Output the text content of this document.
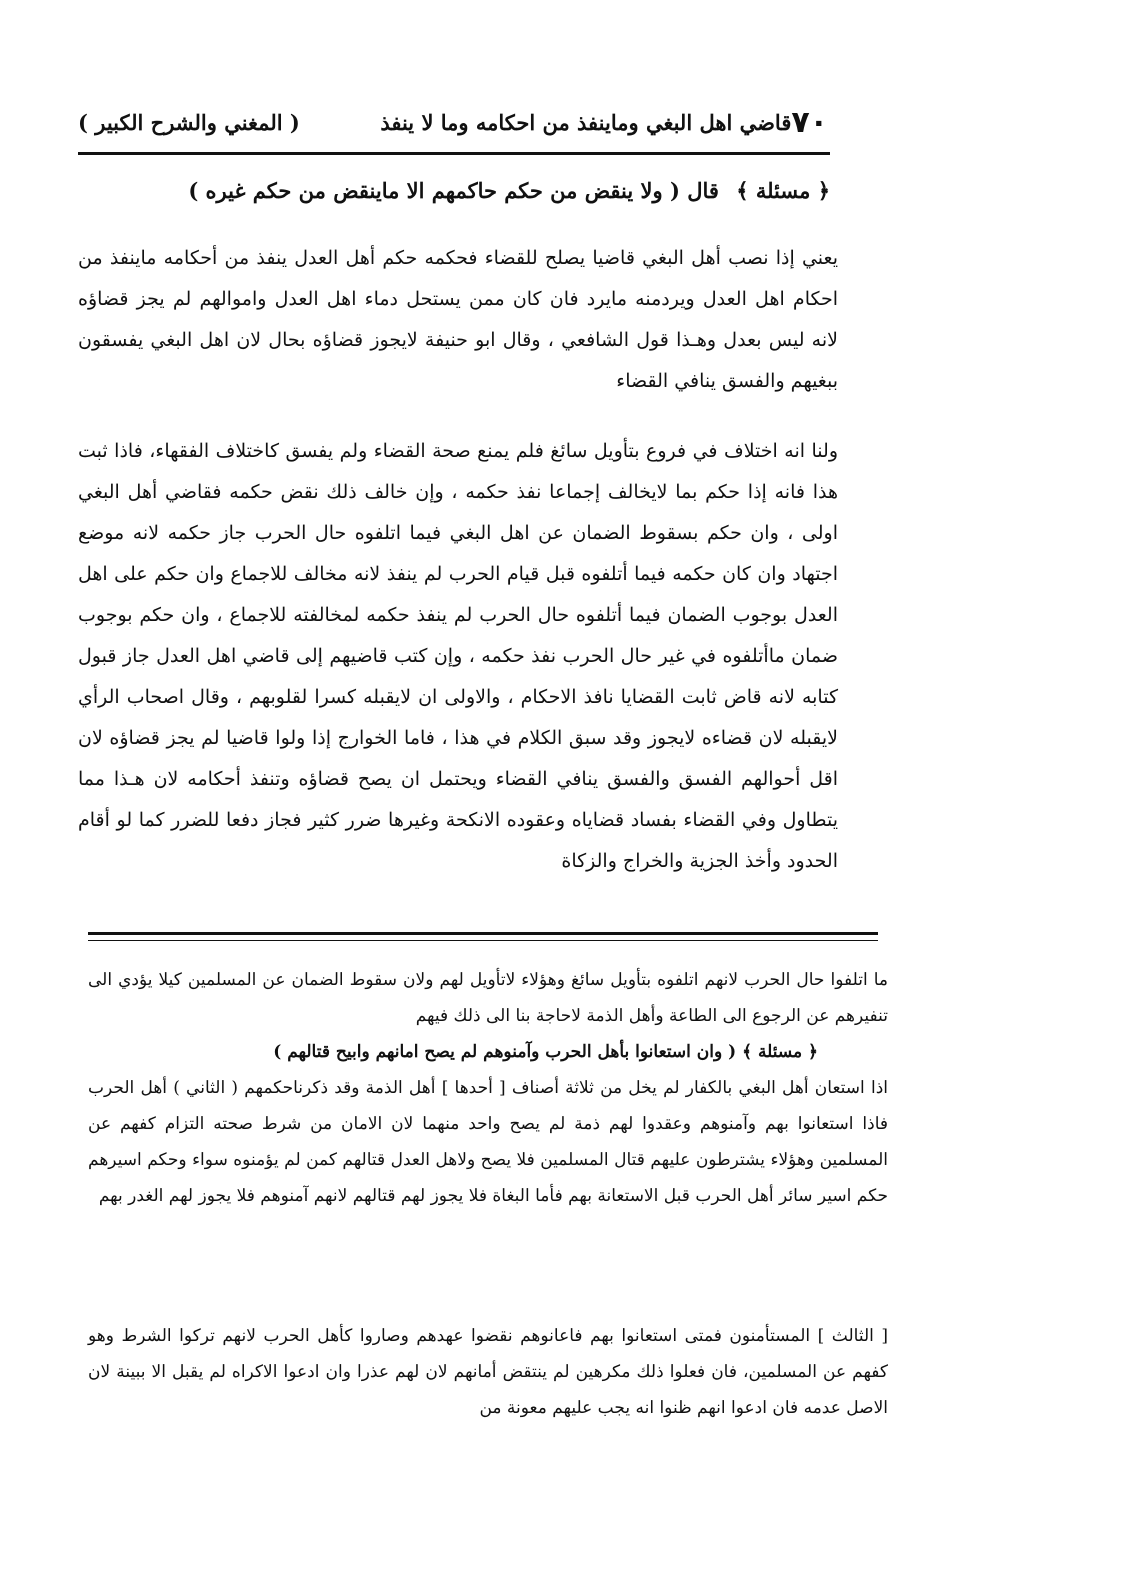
٧٠
قاضي اهل البغي وماينفذ من احكامه وما لا ينفذ
( المغني والشرح الكبير )
﴿ مسئلة ﴾ قال ( ولا ينقض من حكم حاكمهم الا ماينقض من حكم غيره )

يعني إذا نصب أهل البغي قاضيا يصلح للقضاء فحكمه حكم أهل العدل ينفذ من أحكامه ماينفذ من احكام اهل العدل ويردمنه مايرد فان كان ممن يستحل دماء اهل العدل واموالهم لم يجز قضاؤه لانه ليس بعدل وهـذا قول الشافعي ، وقال ابو حنيفة لايجوز قضاؤه بحال لان اهل البغي يفسقون ببغيهم والفسق ينافي القضاء

ولنا انه اختلاف في فروع بتأويل سائغ فلم يمنع صحة القضاء ولم يفسق كاختلاف الفقهاء، فاذا ثبت هذا فانه إذا حكم بما لايخالف إجماعا نفذ حكمه ، وإن خالف ذلك نقض حكمه فقاضي أهل البغي اولى ، وان حكم بسقوط الضمان عن اهل البغي فيما اتلفوه حال الحرب جاز حكمه لانه موضع اجتهاد وان كان حكمه فيما أتلفوه قبل قيام الحرب لم ينفذ لانه مخالف للاجماع وان حكم على اهل العدل بوجوب الضمان فيما أتلفوه حال الحرب لم ينفذ حكمه لمخالفته للاجماع ، وان حكم بوجوب ضمان ماأتلفوه في غير حال الحرب نفذ حكمه ، وإن كتب قاضيهم إلى قاضي اهل العدل جاز قبول كتابه لانه قاض ثابت القضايا نافذ الاحكام ، والاولى ان لايقبله كسرا لقلوبهم ، وقال اصحاب الرأي لايقبله لان قضاءه لايجوز وقد سبق الكلام في هذا ، فاما الخوارج إذا ولوا قاضيا لم يجز قضاؤه لان اقل أحوالهم الفسق والفسق ينافي القضاء ويحتمل ان يصح قضاؤه وتنفذ أحكامه لان هـذا مما يتطاول وفي القضاء بفساد قضاياه وعقوده الانكحة وغيرها ضرر كثير فجاز دفعا للضرر كما لو أقام الحدود وأخذ الجزية والخراج والزكاة

ما اتلفوا حال الحرب لانهم اتلفوه بتأويل سائغ وهؤلاء لاتأويل لهم ولان سقوط الضمان عن المسلمين كيلا يؤدي الى تنفيرهم عن الرجوع الى الطاعة وأهل الذمة لاحاجة بنا الى ذلك فيهم

﴿ مسئلة ﴾ ( وان استعانوا بأهل الحرب وآمنوهم لم يصح امانهم وابيح قتالهم )

اذا استعان أهل البغي بالكفار لم يخل من ثلاثة أصناف [ أحدها ] أهل الذمة وقد ذكرناحكمهم ( الثاني ) أهل الحرب فاذا استعانوا بهم وآمنوهم وعقدوا لهم ذمة لم يصح واحد منهما لان الامان من شرط صحته التزام كفهم عن المسلمين وهؤلاء يشترطون عليهم قتال المسلمين فلا يصح ولاهل العدل قتالهم كمن لم يؤمنوه سواء وحكم اسيرهم حكم اسير سائر أهل الحرب قبل الاستعانة بهم فأما البغاة فلا يجوز لهم قتالهم لانهم آمنوهم فلا يجوز لهم الغدر بهم

[ الثالث ] المستأمنون فمتى استعانوا بهم فاعانوهم نقضوا عهدهم وصاروا كأهل الحرب لانهم تركوا الشرط وهو كفهم عن المسلمين، فان فعلوا ذلك مكرهين لم ينتقض أمانهم لان لهم عذرا وان ادعوا الاكراه لم يقبل الا ببينة لان الاصل عدمه فان ادعوا انهم ظنوا انه يجب عليهم معونة من
